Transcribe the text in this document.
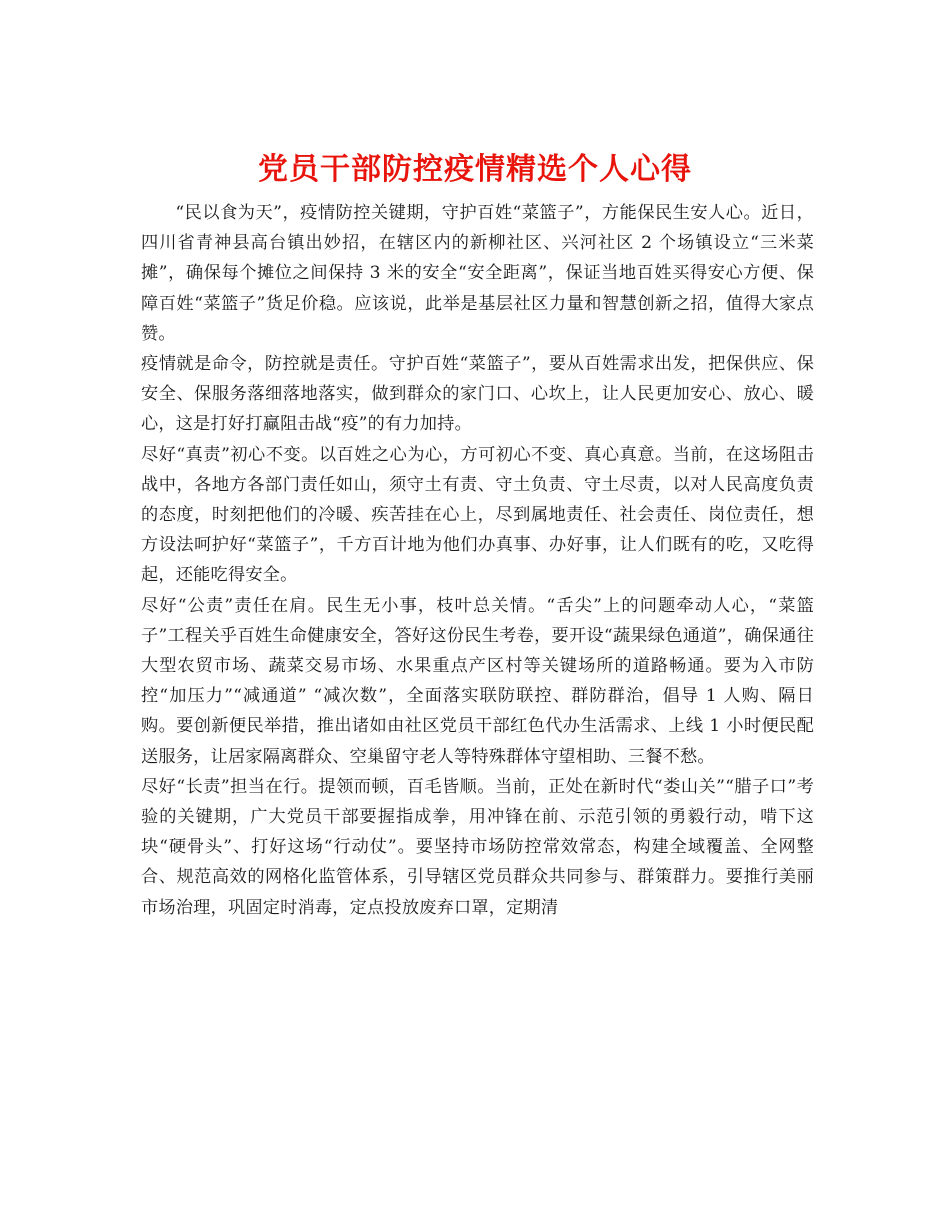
党员干部防控疫情精选个人心得

“民以食为天”，疫情防控关键期，守护百姓“菜篮子”，方能保民生安人心。近日，四川省青神县高台镇出妙招，在辖区内的新柳社区、兴河社区 2 个场镇设立“三米菜摊”，确保每个摊位之间保持 3 米的安全“安全距离”，保证当地百姓买得安心方便、保障百姓“菜篮子”货足价稳。应该说，此举是基层社区力量和智慧创新之招，值得大家点赞。

疫情就是命令，防控就是责任。守护百姓“菜篮子”，要从百姓需求出发，把保供应、保安全、保服务落细落地落实，做到群众的家门口、心坎上，让人民更加安心、放心、暖心，这是打好打赢阻击战“疫”的有力加持。

尽好“真责”初心不变。以百姓之心为心，方可初心不变、真心真意。当前，在这场阻击战中，各地方各部门责任如山，须守土有责、守土负责、守土尽责，以对人民高度负责的态度，时刻把他们的冷暖、疾苦挂在心上，尽到属地责任、社会责任、岗位责任，想方设法呵护好“菜篮子”，千方百计地为他们办真事、办好事，让人们既有的吃，又吃得起，还能吃得安全。

尽好“公责”责任在肩。民生无小事，枝叶总关情。“舌尖”上的问题牵动人心，“菜篮子”工程关乎百姓生命健康安全，答好这份民生考卷，要开设“蔬果绿色通道”，确保通往大型农贸市场、蔬菜交易市场、水果重点产区村等关键场所的道路畅通。要为入市防控“加压力”“减通道” “减次数”，全面落实联防联控、群防群治，倡导 1 人购、隔日购。要创新便民举措，推出诸如由社区党员干部红色代办生活需求、上线 1 小时便民配送服务，让居家隔离群众、空巢留守老人等特殊群体守望相助、三餐不愁。

尽好“长责”担当在行。提领而顿，百毛皆顺。当前，正处在新时代“娄山关”“腊子口”考验的关键期，广大党员干部要握指成拳，用冲锋在前、示范引领的勇毅行动，啃下这块“硬骨头”、打好这场“行动仗”。要坚持市场防控常效常态，构建全域覆盖、全网整合、规范高效的网格化监管体系，引导辖区党员群众共同参与、群策群力。要推行美丽市场治理，巩固定时消毒，定点投放废弃口罩，定期清
